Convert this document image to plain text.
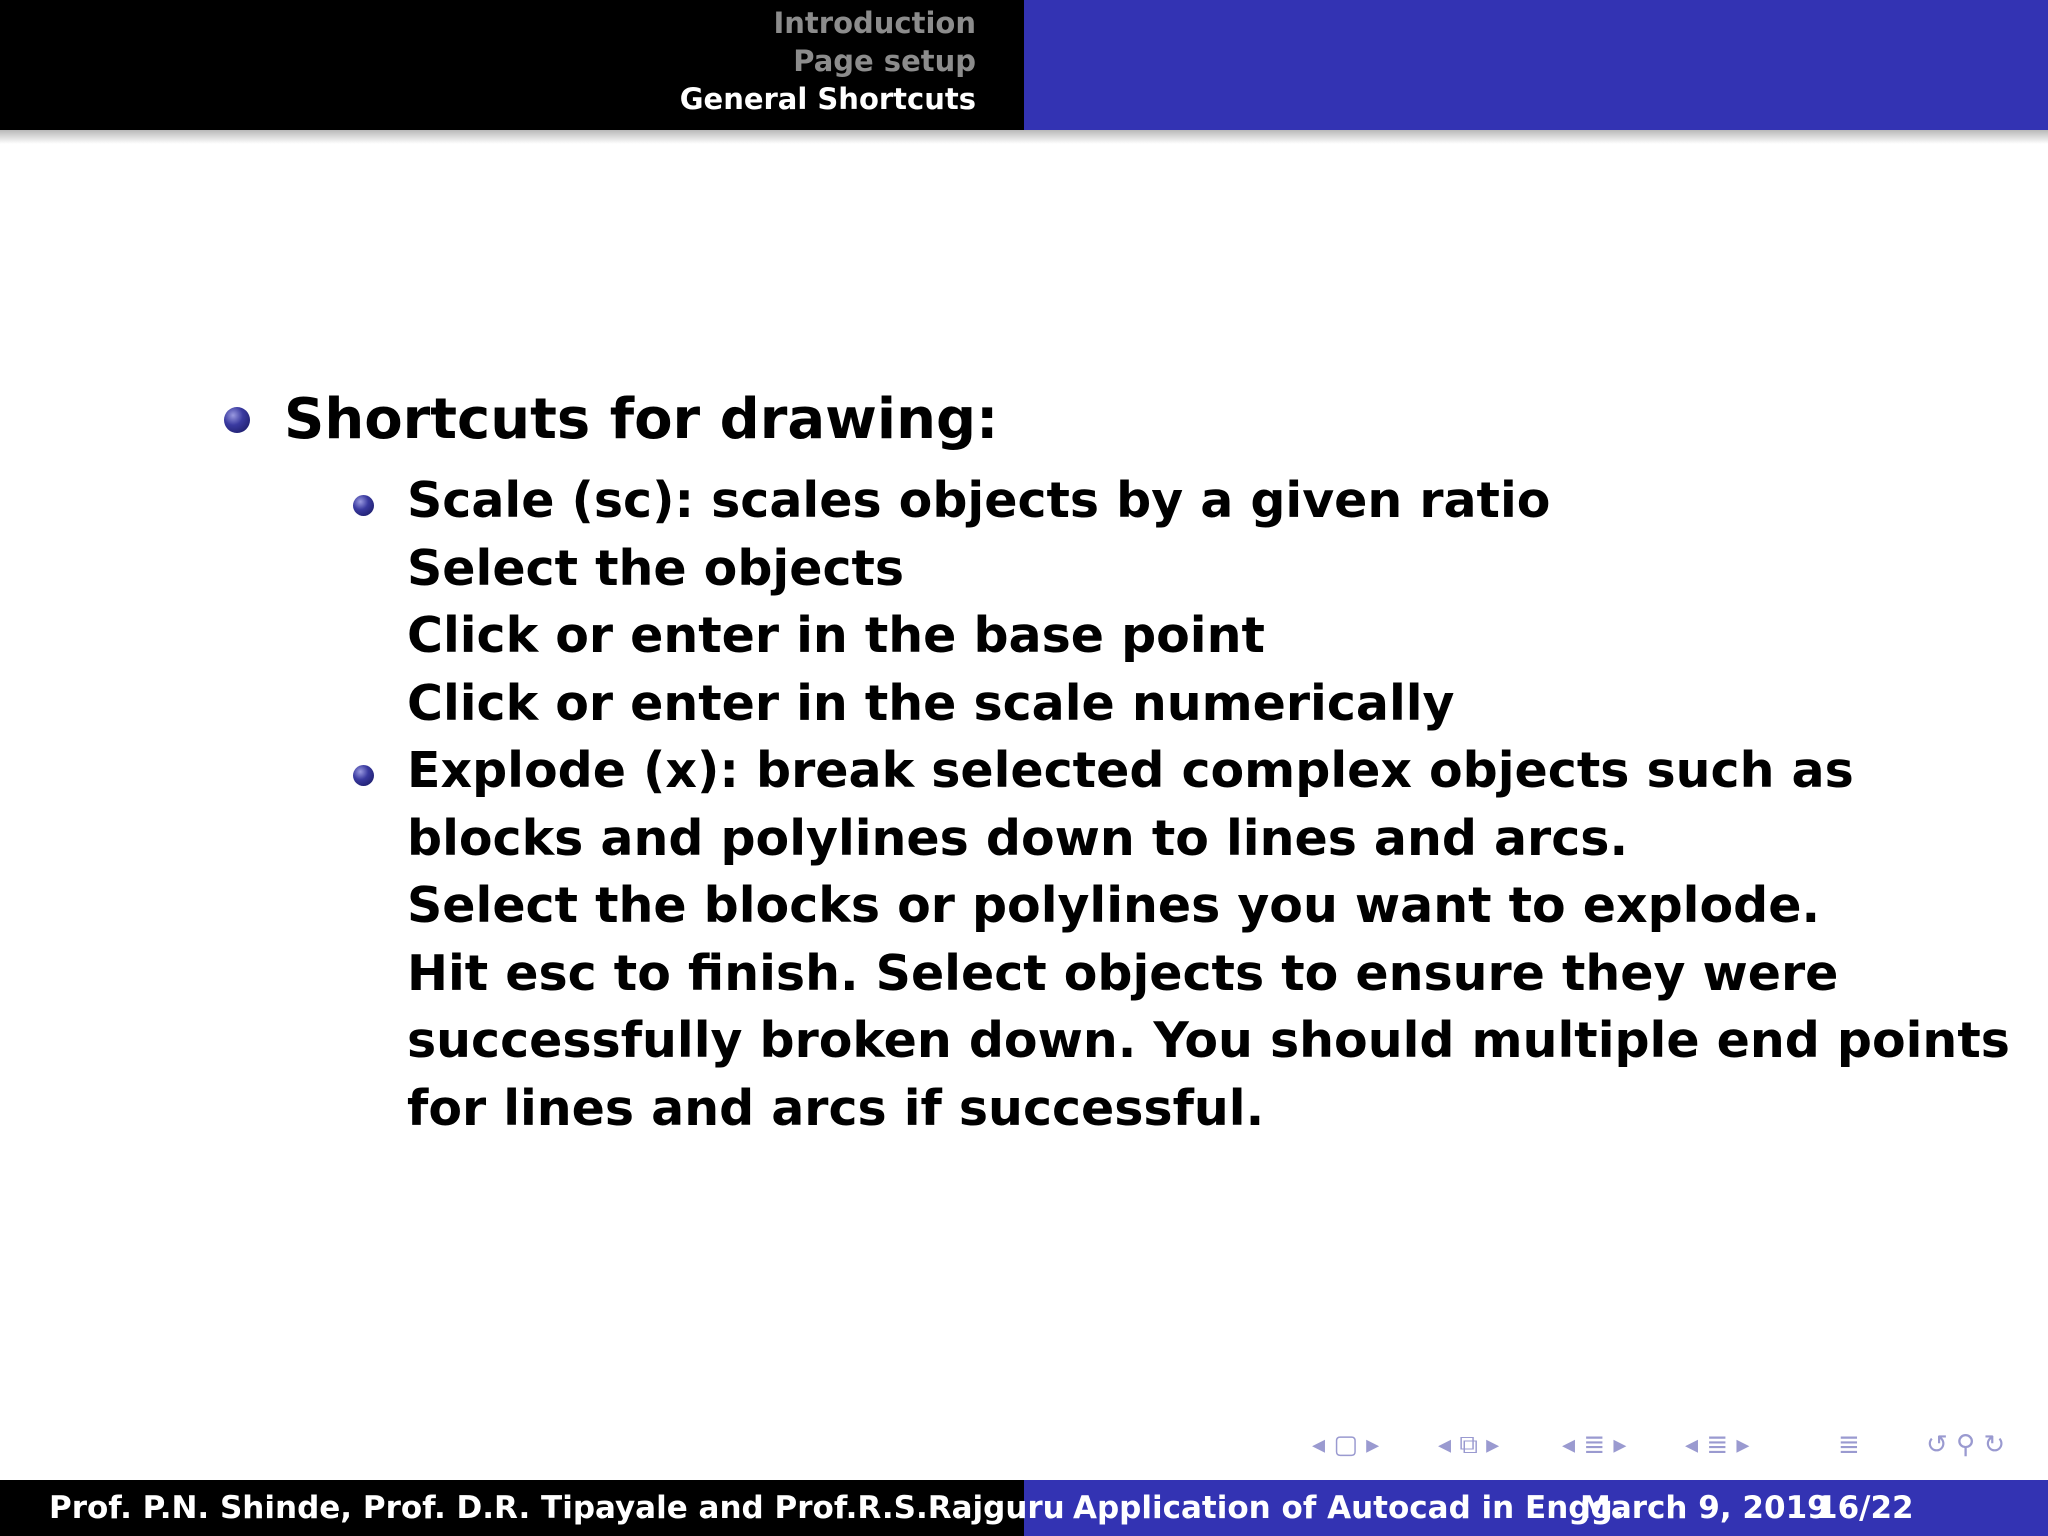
Introduction
Page setup
General Shortcuts
Shortcuts for drawing:
Scale (sc): scales objects by a given ratio
Select the objects
Click or enter in the base point
Click or enter in the scale numerically
Explode (x): break selected complex objects such as
blocks and polylines down to lines and arcs.
Select the blocks or polylines you want to explode.
Hit esc to finish. Select objects to ensure they were
successfully broken down. You should multiple end points
for lines and arcs if successful.
◂ ▢ ▸ ◂ ⧉ ▸ ◂ ≣ ▸ ◂ ≣ ▸	≣	↺ ⚲ ↻
Prof. P.N. Shinde, Prof. D.R. Tipayale and Prof.R.S.Rajguru Application of Autocad in Engg.
March 9, 2019
16/22
